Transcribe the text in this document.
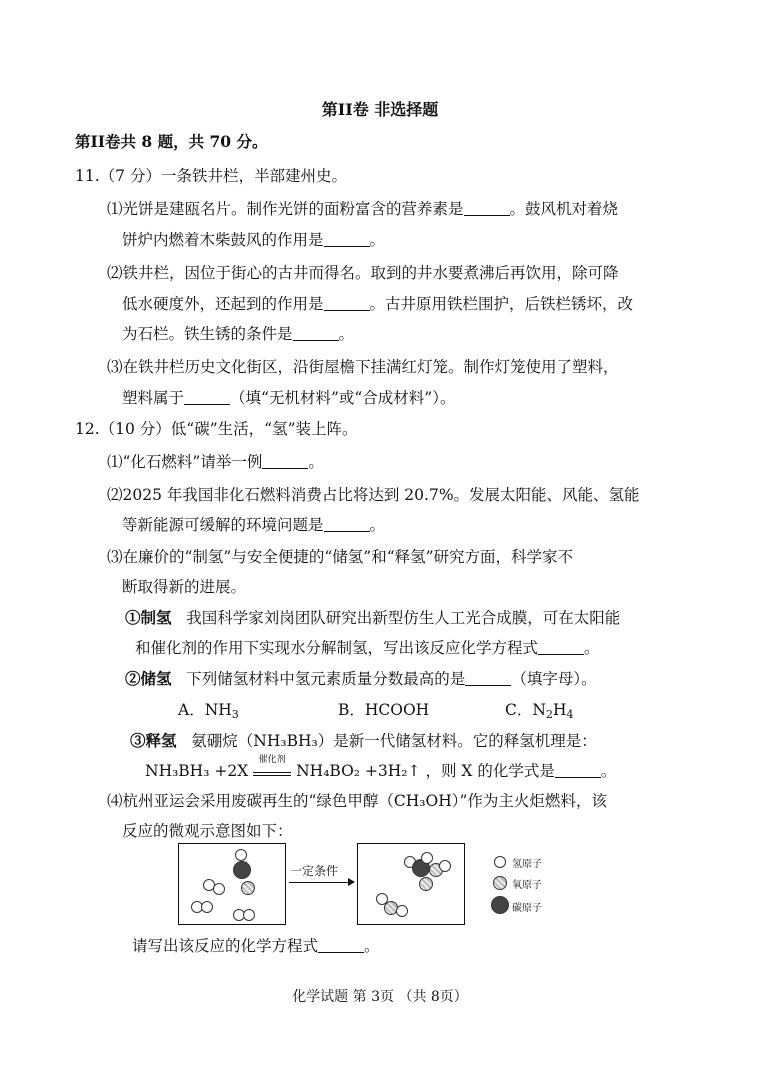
第II卷 非选择题
第II卷共 8 题，共 70 分。
11.（7 分）一条铁井栏，半部建州史。
⑴光饼是建瓯名片。制作光饼的面粉富含的营养素是	。鼓风机对着烧
饼炉内燃着木柴鼓风的作用是	。
⑵铁井栏，因位于街心的古井而得名。取到的井水要煮沸后再饮用，除可降
低水硬度外，还起到的作用是	。古井原用铁栏围护，后铁栏锈坏，改
为石栏。铁生锈的条件是	。
⑶在铁井栏历史文化街区，沿街屋檐下挂满红灯笼。制作灯笼使用了塑料，
塑料属于	（填“无机材料”或“合成材料”）。
12.（10 分）低“碳”生活，“氢”装上阵。
⑴“化石燃料”请举一例	。
⑵2025 年我国非化石燃料消费占比将达到 20.7%。发展太阳能、风能、氢能
等新能源可缓解的环境问题是	。
⑶在廉价的“制氢”与安全便捷的“储氢”和“释氢”研究方面，科学家不
断取得新的进展。
①制氢 我国科学家刘岗团队研究出新型仿生人工光合成膜，可在太阳能
和催化剂的作用下实现水分解制氢，写出该反应化学方程式	。
②储氢 下列储氢材料中氢元素质量分数最高的是	（填字母）。
A．$NH_3$	B．HCOOH	C．$N_2H_4$
③释氢 氨硼烷（NH₃BH₃）是新一代储氢材料。它的释氢机理是：
NH₃BH₃ +2X
催化剂
NH₄BO₂ +3H₂↑ ，则 X 的化学式是	。
⑷杭州亚运会采用废碳再生的“绿色甲醇（CH₃OH）”作为主火炬燃料，该
反应的微观示意图如下：
一定条件	氢原子
氧原子
碳原子
请写出该反应的化学方程式	。
化学试题 第 3页 （共 8页）
